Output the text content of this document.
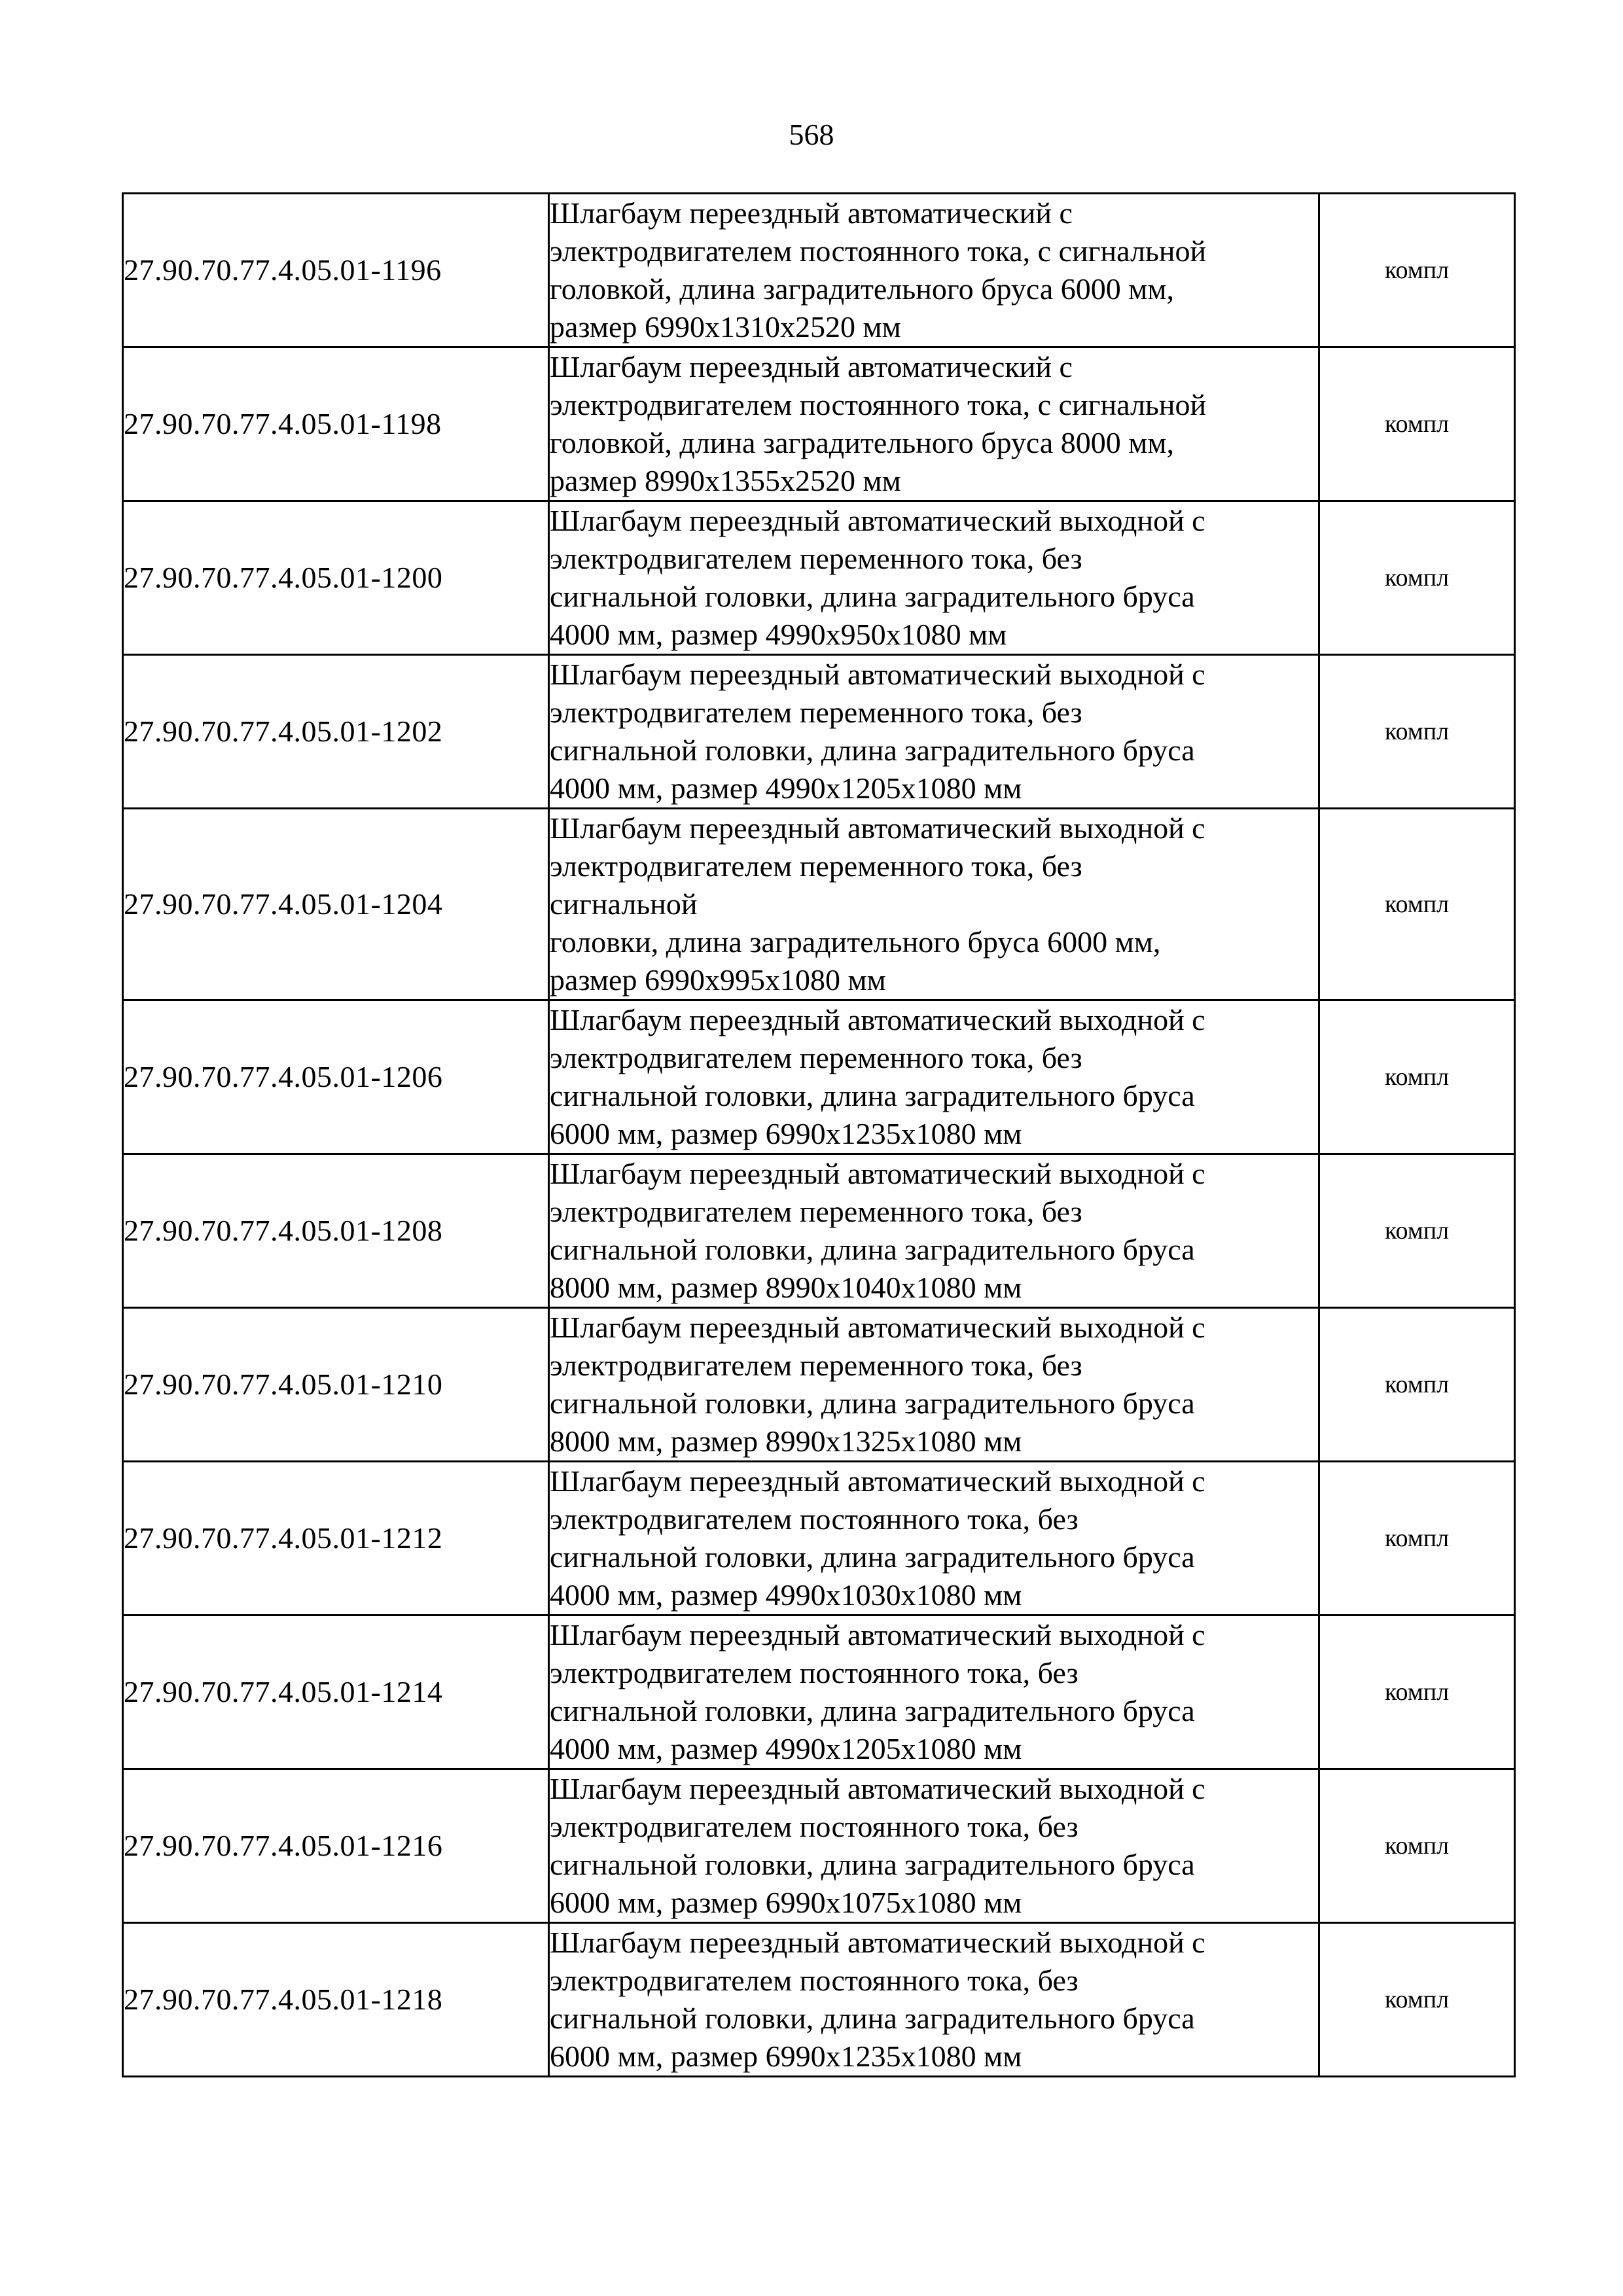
568
27.90.70.77.4.05.01-1196	Шлагбаум переездный автоматический с
электродвигателем постоянного тока, с сигнальной
головкой, длина заградительного бруса 6000 мм,
размер 6990х1310х2520 мм	компл
27.90.70.77.4.05.01-1198	Шлагбаум переездный автоматический с
электродвигателем постоянного тока, с сигнальной
головкой, длина заградительного бруса 8000 мм,
размер 8990х1355х2520 мм	компл
27.90.70.77.4.05.01-1200	Шлагбаум переездный автоматический выходной с
электродвигателем переменного тока, без
сигнальной головки, длина заградительного бруса
4000 мм, размер 4990х950х1080 мм	компл
27.90.70.77.4.05.01-1202	Шлагбаум переездный автоматический выходной с
электродвигателем переменного тока, без
сигнальной головки, длина заградительного бруса
4000 мм, размер 4990х1205х1080 мм	компл
27.90.70.77.4.05.01-1204	Шлагбаум переездный автоматический выходной с
электродвигателем переменного тока, без
сигнальной
головки, длина заградительного бруса 6000 мм,
размер 6990х995х1080 мм	компл
27.90.70.77.4.05.01-1206	Шлагбаум переездный автоматический выходной с
электродвигателем переменного тока, без
сигнальной головки, длина заградительного бруса
6000 мм, размер 6990х1235х1080 мм	компл
27.90.70.77.4.05.01-1208	Шлагбаум переездный автоматический выходной с
электродвигателем переменного тока, без
сигнальной головки, длина заградительного бруса
8000 мм, размер 8990х1040х1080 мм	компл
27.90.70.77.4.05.01-1210	Шлагбаум переездный автоматический выходной с
электродвигателем переменного тока, без
сигнальной головки, длина заградительного бруса
8000 мм, размер 8990х1325х1080 мм	компл
27.90.70.77.4.05.01-1212	Шлагбаум переездный автоматический выходной с
электродвигателем постоянного тока, без
сигнальной головки, длина заградительного бруса
4000 мм, размер 4990х1030х1080 мм	компл
27.90.70.77.4.05.01-1214	Шлагбаум переездный автоматический выходной с
электродвигателем постоянного тока, без
сигнальной головки, длина заградительного бруса
4000 мм, размер 4990х1205х1080 мм	компл
27.90.70.77.4.05.01-1216	Шлагбаум переездный автоматический выходной с
электродвигателем постоянного тока, без
сигнальной головки, длина заградительного бруса
6000 мм, размер 6990х1075х1080 мм	компл
27.90.70.77.4.05.01-1218	Шлагбаум переездный автоматический выходной с
электродвигателем постоянного тока, без
сигнальной головки, длина заградительного бруса
6000 мм, размер 6990х1235х1080 мм	компл
